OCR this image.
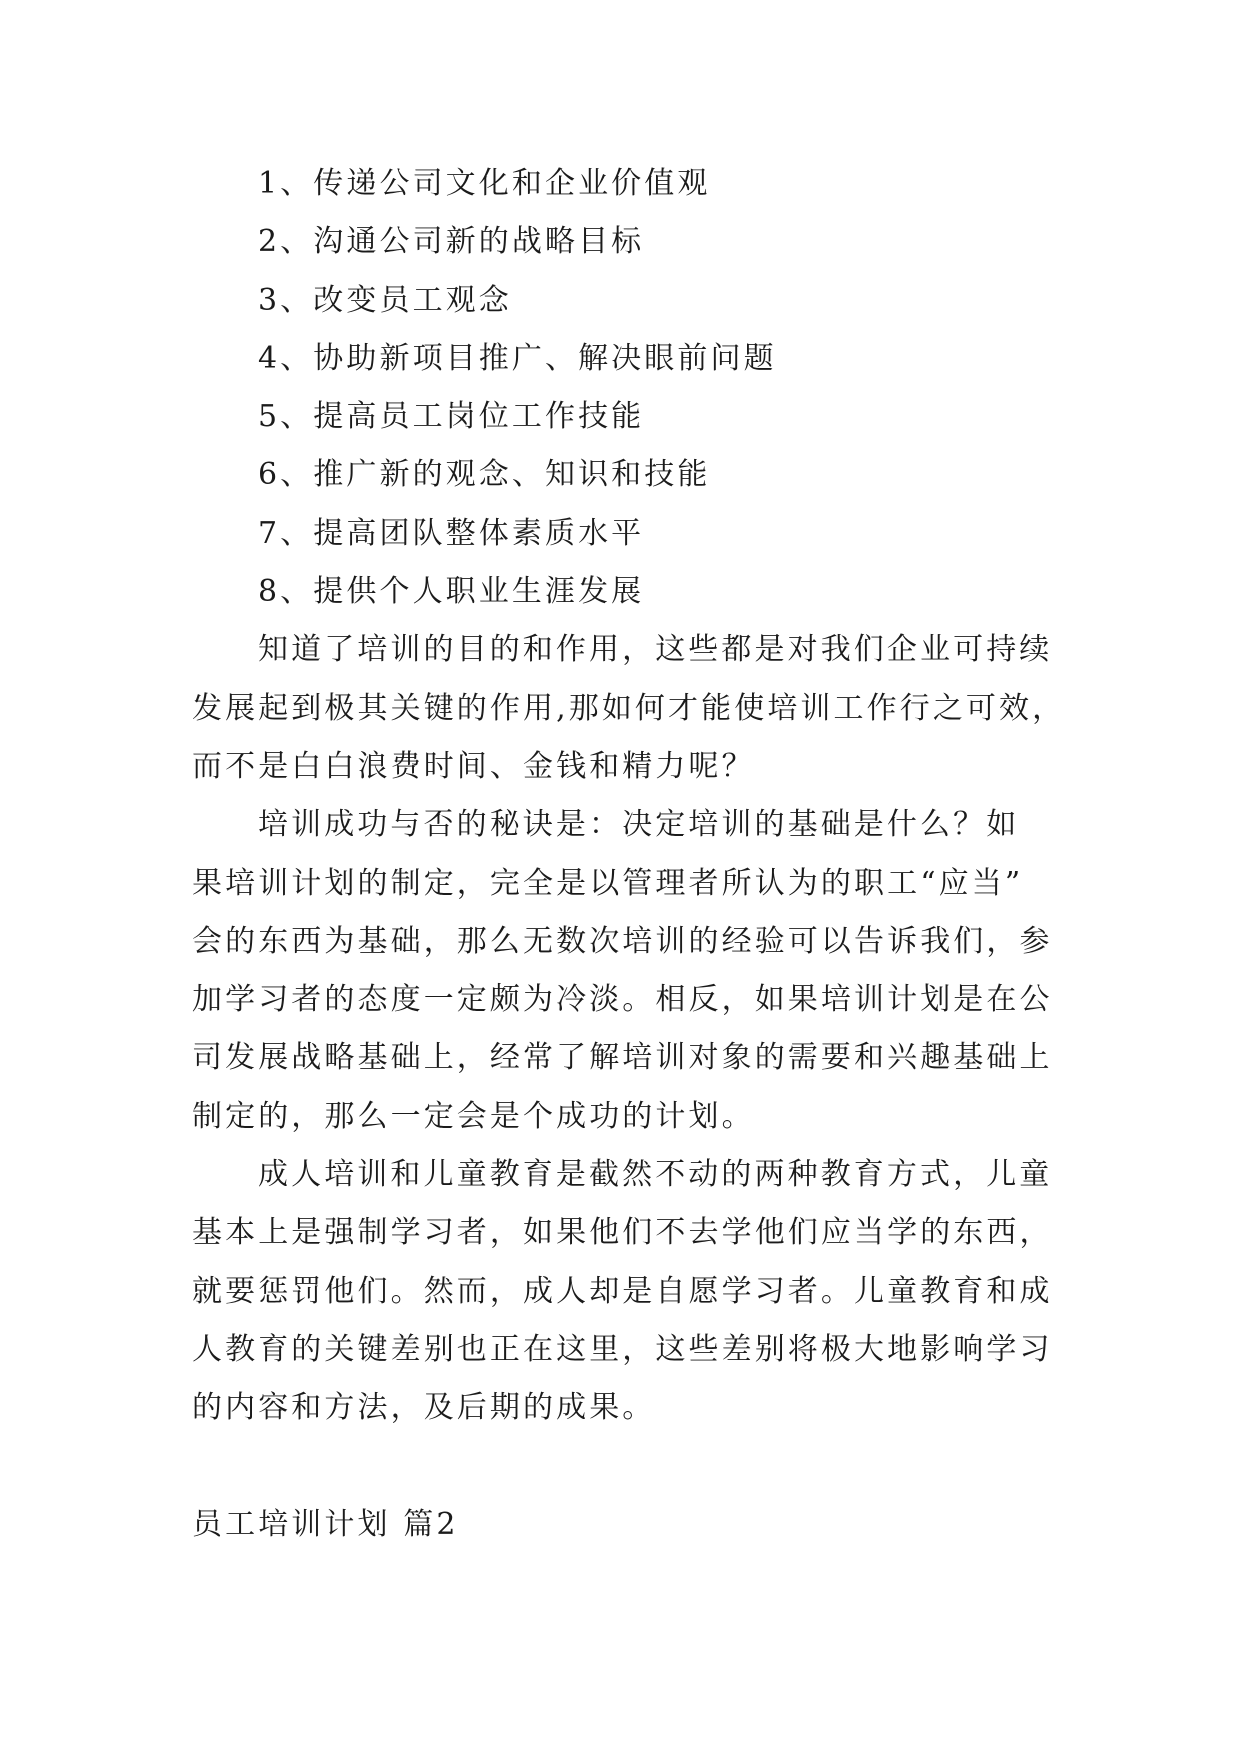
1、传递公司文化和企业价值观
2、沟通公司新的战略目标
3、改变员工观念
4、协助新项目推广、解决眼前问题
5、提高员工岗位工作技能
6、推广新的观念、知识和技能
7、提高团队整体素质水平
8、提供个人职业生涯发展
知道了培训的目的和作用，这些都是对我们企业可持续
发展起到极其关键的作用,那如何才能使培训工作行之可效，
而不是白白浪费时间、金钱和精力呢？
培训成功与否的秘诀是：决定培训的基础是什么？如
果培训计划的制定，完全是以管理者所认为的职工“应当”
会的东西为基础，那么无数次培训的经验可以告诉我们，参
加学习者的态度一定颇为冷淡。相反，如果培训计划是在公
司发展战略基础上，经常了解培训对象的需要和兴趣基础上
制定的，那么一定会是个成功的计划。
成人培训和儿童教育是截然不动的两种教育方式，儿童
基本上是强制学习者，如果他们不去学他们应当学的东西，
就要惩罚他们。然而，成人却是自愿学习者。儿童教育和成
人教育的关键差别也正在这里，这些差别将极大地影响学习
的内容和方法，及后期的成果。
员工培训计划 篇2
